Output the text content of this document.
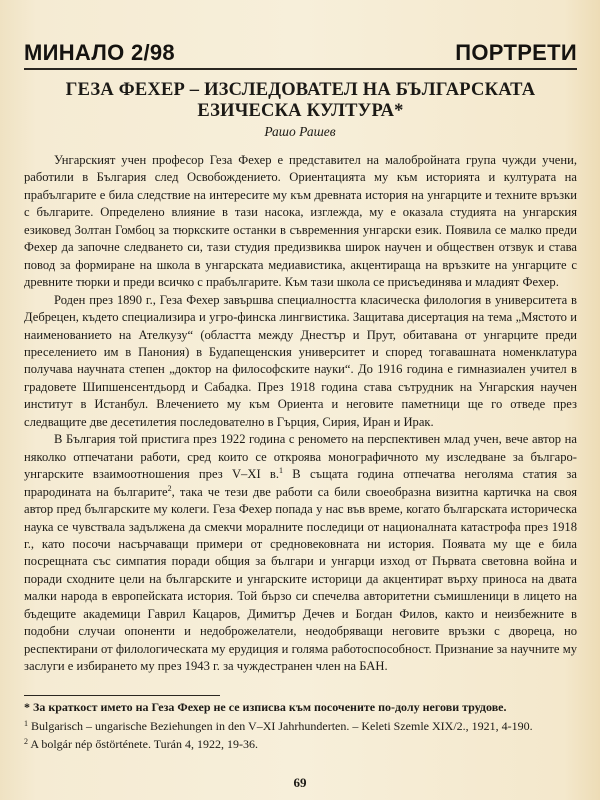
МИНАЛО 2/98	ПОРТРЕТИ
ГЕЗА ФЕХЕР – ИЗСЛЕДОВАТЕЛ НА БЪЛГАРСКАТА ЕЗИЧЕСКА КУЛТУРА*
Рашо Рашев

Унгарският учен професор Геза Фехер е представител на малобройната група чужди учени, работили в България след Освобождението. Ориентацията му към историята и културата на прабългарите е била следствие на интересите му към древната история на унгарците и техните връзки с българите. Определено влияние в тази насока, изглежда, му е оказала студията на унгарския езиковед Золтан Гомбоц за тюркските останки в съвременния унгарски език. Появила се малко преди Фехер да започне следването си, тази студия предизвиква широк научен и обществен отзвук и става повод за формиране на школа в унгарската медиавистика, акцентираща на връзките на унгарците с древните тюрки и преди всичко с прабългарите. Към тази школа се присъединява и младият Фехер.

Роден през 1890 г., Геза Фехер завършва специалността класическа филология в университета в Дебрецен, където специализира и угро-финска лингвистика. Защитава дисертация на тема „Мястото и наименованието на Ателкузу“ (областта между Днестър и Прут, обитавана от унгарците преди преселението им в Панония) в Будапещенския университет и според тогавашната номенклатура получава научната степен „доктор на философските науки“. До 1916 година е гимназиален учител в градовете Шипшенсентдьорд и Сабадка. През 1918 година става сътрудник на Унгарския научен институт в Истанбул. Влечението му към Ориента и неговите паметници ще го отведе през следващите две десетилетия последователно в Гърция, Сирия, Иран и Ирак.

В България той пристига през 1922 година с реномето на перспективен млад учен, вече автор на няколко отпечатани работи, сред които се откроява монографичното му изследване за българо-унгарските взаимоотношения през V–XI в.$^1$ В същата година отпечатва неголяма статия за прародината на българите$^2$, така че тези две работи са били своеобразна визитна картичка на своя автор пред българските му колеги. Геза Фехер попада у нас във време, когато българската историческа наука се чувствала задължена да смекчи моралните последици от националната катастрофа през 1918 г., като посочи насърчаващи примери от средновековната ни история. Появата му ще е била посрещната със симпатия поради общия за българи и унгарци изход от Първата световна война и поради сходните цели на българските и унгарските историци да акцентират върху приноса на двата малки народа в европейската история. Той бързо си спечелва авторитетни съмишленици в лицето на бъдещите академици Гаврил Кацаров, Димитър Дечев и Богдан Филов, както и неизбежните в подобни случаи опоненти и недоброжелатели, неодобряващи неговите връзки с двореца, но респектирани от филологическата му ерудиция и голяма работоспособност. Признание за научните му заслуги е избирането му през 1943 г. за чуждестранен член на БАН.

* За краткост името на Геза Фехер не се изписва към посочените по-долу негови трудове.
$^1$ Bulgarisch – ungarische Beziehungen in den V–XI Jahrhunderten. – Keleti Szemle XIX/2., 1921, 4-190.
$^2$ A bolgár nép őstörténete. Turán 4, 1922, 19-36.
69
